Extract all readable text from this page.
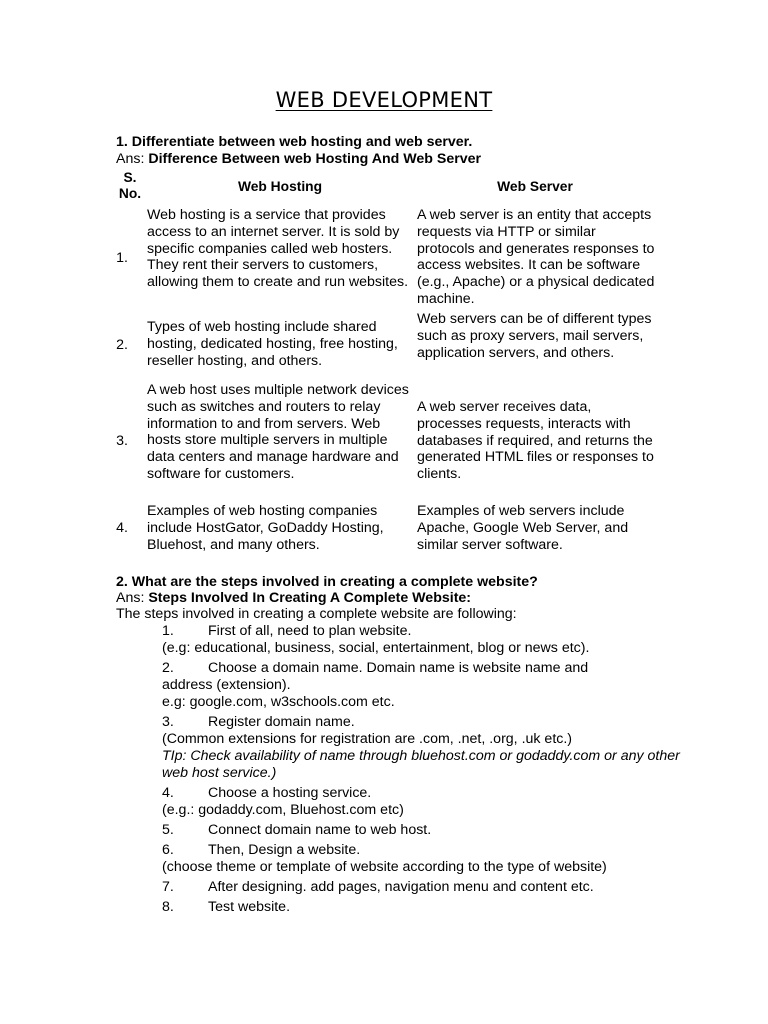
WEB DEVELOPMENT
1. Differentiate between web hosting and web server.
Ans: Difference Between web Hosting And Web Server
S. No.	Web Hosting	Web Server
1.
Web hosting is a service that provides access to an internet server. It is sold by specific companies called web hosters. They rent their servers to customers, allowing them to create and run websites.
A web server is an entity that accepts requests via HTTP or similar protocols and generates responses to access websites. It can be software (e.g., Apache) or a physical dedicated machine.
2.
Types of web hosting include shared hosting, dedicated hosting, free hosting, reseller hosting, and others.
Web servers can be of different types such as proxy servers, mail servers, application servers, and others.
3.
A web host uses multiple network devices such as switches and routers to relay information to and from servers. Web hosts store multiple servers in multiple data centers and manage hardware and software for customers.
A web server receives data, processes requests, interacts with databases if required, and returns the generated HTML files or responses to clients.
4.
Examples of web hosting companies include HostGator, GoDaddy Hosting, Bluehost, and many others.
Examples of web servers include Apache, Google Web Server, and similar server software.
2. What are the steps involved in creating a complete website?
Ans: Steps Involved In Creating A Complete Website:
The steps involved in creating a complete website are following:
1. First of all, need to plan website.
(e.g: educational, business, social, entertainment, blog or news etc).
2. Choose a domain name. Domain name is website name and
address (extension).
e.g: google.com, w3schools.com etc.
3. Register domain name.
(Common extensions for registration are .com, .net, .org, .uk etc.)
TIp: Check availability of name through bluehost.com or godaddy.com or any other web host service.)
4. Choose a hosting service.
(e.g.: godaddy.com, Bluehost.com etc)
5. Connect domain name to web host.
6. Then, Design a website.
(choose theme or template of website according to the type of website)
7. After designing. add pages, navigation menu and content etc.
8. Test website.
